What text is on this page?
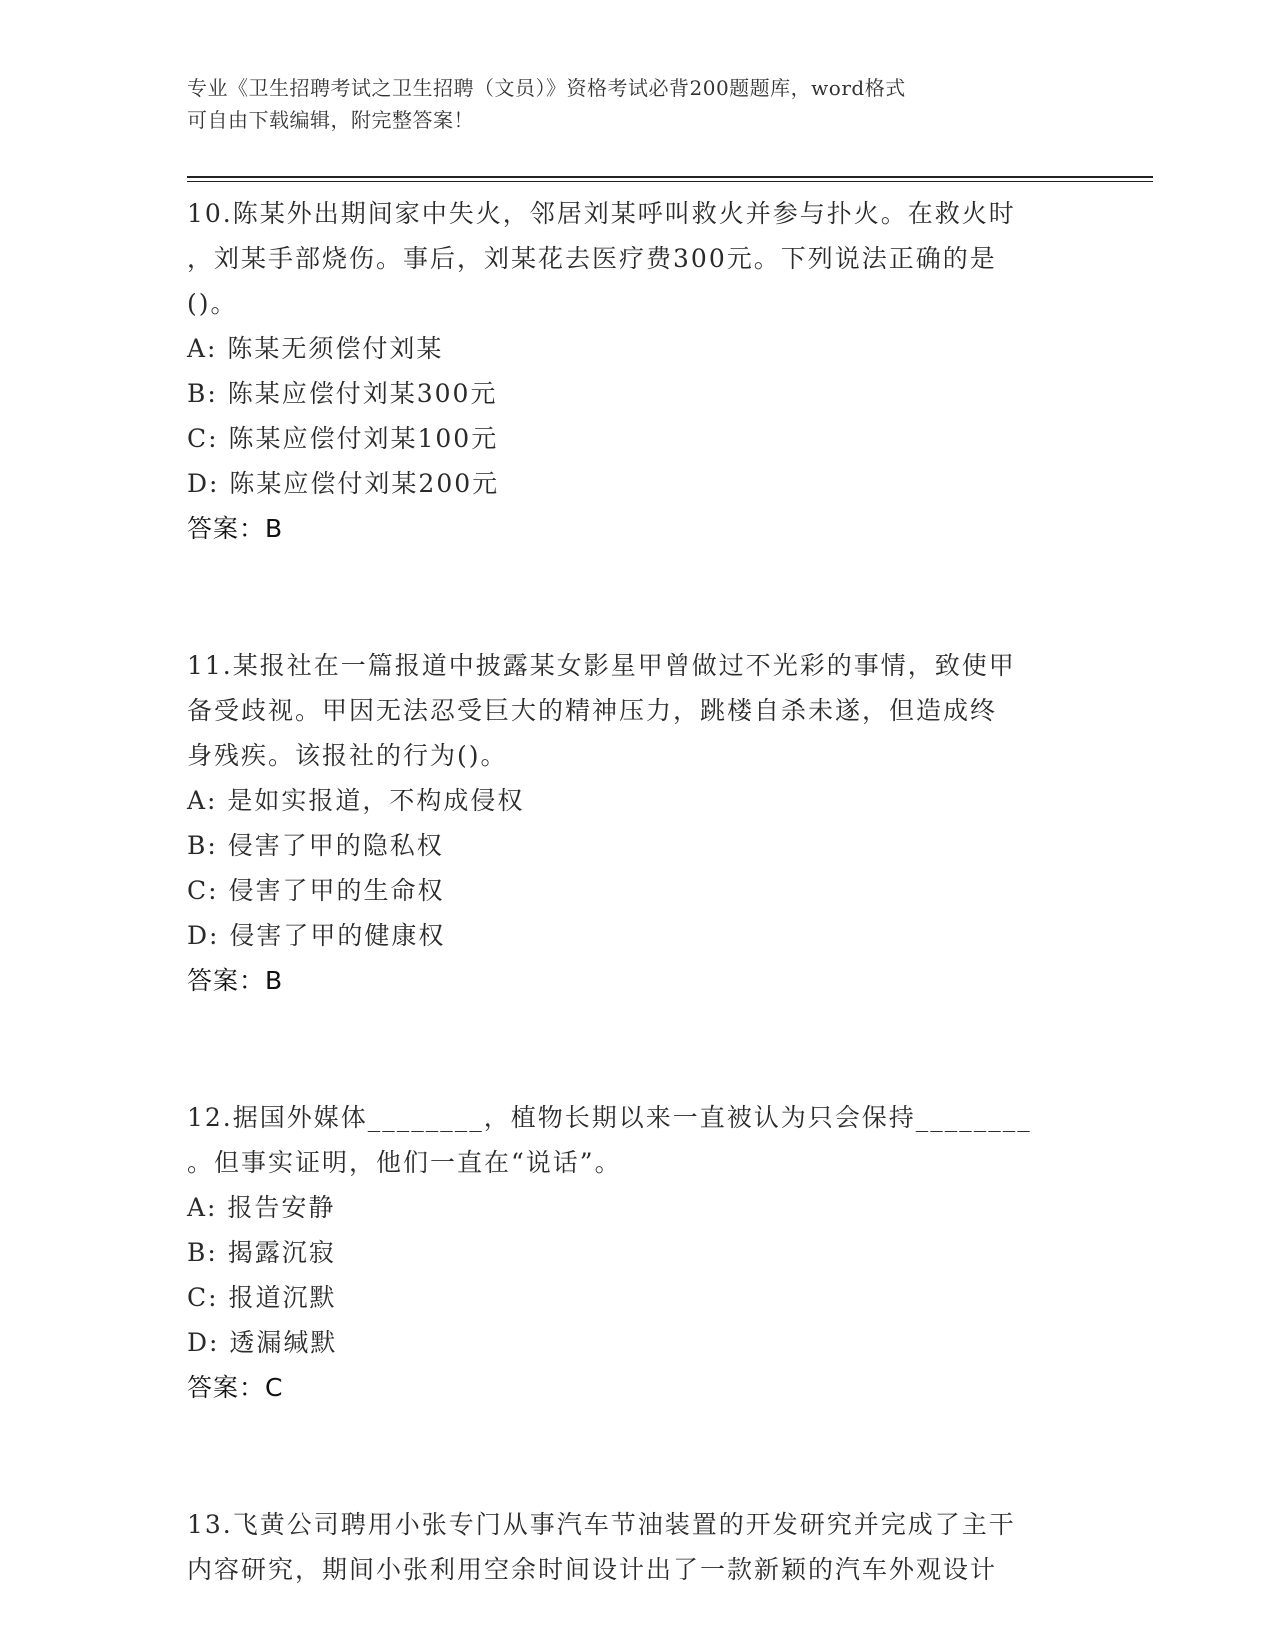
专业《卫生招聘考试之卫生招聘（文员）》资格考试必背200题题库，word格式
可自由下载编辑，附完整答案！
10.陈某外出期间家中失火，邻居刘某呼叫救火并参与扑火。在救火时
，刘某手部烧伤。事后，刘某花去医疗费300元。下列说法正确的是
()。
A: 陈某无须偿付刘某
B: 陈某应偿付刘某300元
C: 陈某应偿付刘某100元
D: 陈某应偿付刘某200元
答案：B
11.某报社在一篇报道中披露某女影星甲曾做过不光彩的事情，致使甲
备受歧视。甲因无法忍受巨大的精神压力，跳楼自杀未遂，但造成终
身残疾。该报社的行为()。
A: 是如实报道，不构成侵权
B: 侵害了甲的隐私权
C: 侵害了甲的生命权
D: 侵害了甲的健康权
答案：B
12.据国外媒体________，植物长期以来一直被认为只会保持________
。但事实证明，他们一直在“说话”。
A: 报告安静
B: 揭露沉寂
C: 报道沉默
D: 透漏缄默
答案：C
13.飞黄公司聘用小张专门从事汽车节油装置的开发研究并完成了主干
内容研究，期间小张利用空余时间设计出了一款新颖的汽车外观设计
